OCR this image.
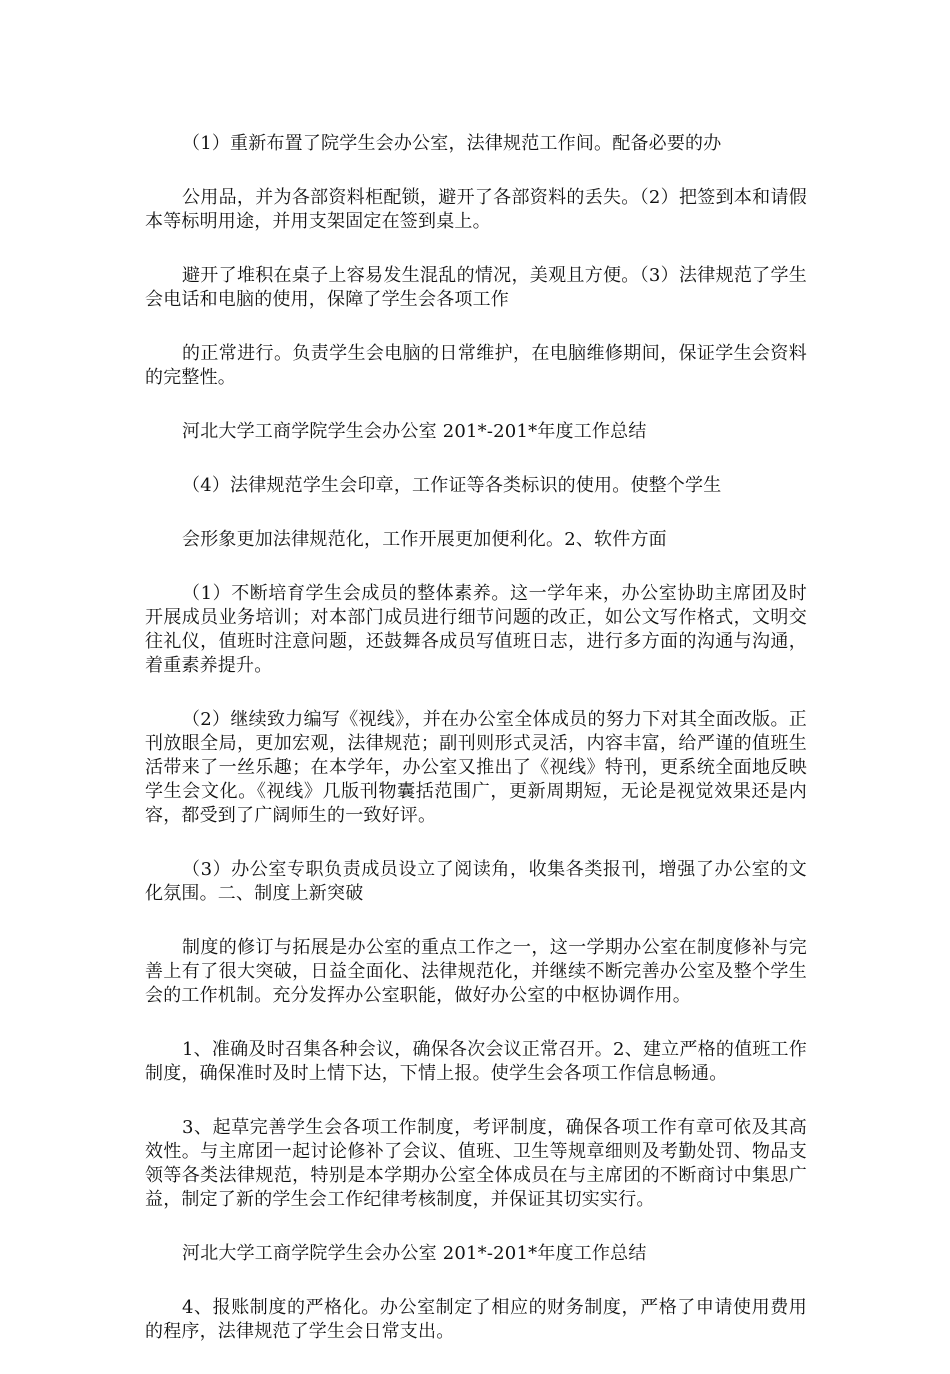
（1）重新布置了院学生会办公室，法律规范工作间。配备必要的办

公用品，并为各部资料柜配锁，避开了各部资料的丢失。（2）把签到本和请假本等标明用途，并用支架固定在签到桌上。

避开了堆积在桌子上容易发生混乱的情况，美观且方便。（3）法律规范了学生会电话和电脑的使用，保障了学生会各项工作

的正常进行。负责学生会电脑的日常维护，在电脑维修期间，保证学生会资料的完整性。

河北大学工商学院学生会办公室 201*-201*年度工作总结

（4）法律规范学生会印章，工作证等各类标识的使用。使整个学生

会形象更加法律规范化，工作开展更加便利化。2、软件方面

（1）不断培育学生会成员的整体素养。这一学年来，办公室协助主席团及时开展成员业务培训；对本部门成员进行细节问题的改正，如公文写作格式，文明交往礼仪，值班时注意问题，还鼓舞各成员写值班日志，进行多方面的沟通与沟通，着重素养提升。

（2）继续致力编写《视线》，并在办公室全体成员的努力下对其全面改版。正刊放眼全局，更加宏观，法律规范；副刊则形式灵活，内容丰富，给严谨的值班生活带来了一丝乐趣；在本学年，办公室又推出了《视线》特刊，更系统全面地反映学生会文化。《视线》几版刊物囊括范围广，更新周期短，无论是视觉效果还是内容，都受到了广阔师生的一致好评。

（3）办公室专职负责成员设立了阅读角，收集各类报刊，增强了办公室的文化氛围。二、制度上新突破

制度的修订与拓展是办公室的重点工作之一，这一学期办公室在制度修补与完善上有了很大突破，日益全面化、法律规范化，并继续不断完善办公室及整个学生会的工作机制。充分发挥办公室职能，做好办公室的中枢协调作用。

1、准确及时召集各种会议，确保各次会议正常召开。2、建立严格的值班工作制度，确保准时及时上情下达，下情上报。使学生会各项工作信息畅通。

3、起草完善学生会各项工作制度，考评制度，确保各项工作有章可依及其高效性。与主席团一起讨论修补了会议、值班、卫生等规章细则及考勤处罚、物品支领等各类法律规范，特别是本学期办公室全体成员在与主席团的不断商讨中集思广益，制定了新的学生会工作纪律考核制度，并保证其切实实行。

河北大学工商学院学生会办公室 201*-201*年度工作总结

4、报账制度的严格化。办公室制定了相应的财务制度，严格了申请使用费用的程序，法律规范了学生会日常支出。
